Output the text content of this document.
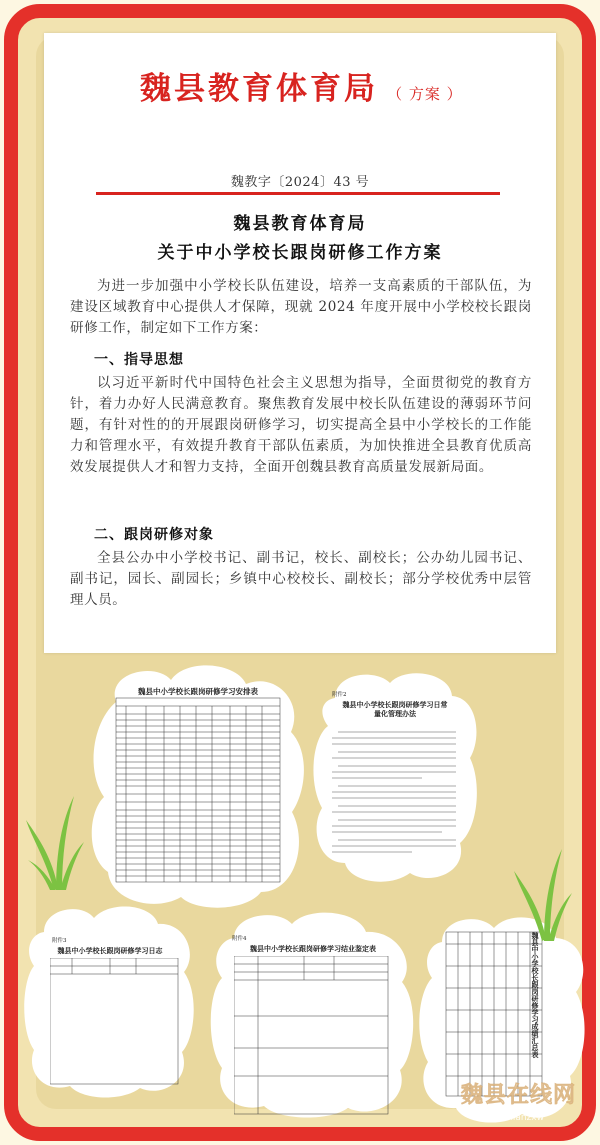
魏县教育体育局 （ 方案 ）
魏教字〔2024〕43 号
魏县教育体育局
关于中小学校长跟岗研修工作方案

为进一步加强中小学校长队伍建设，培养一支高素质的干部队伍，为建设区域教育中心提供人才保障，现就 2024 年度开展中小学校校长跟岗研修工作，制定如下工作方案：

一、指导思想

以习近平新时代中国特色社会主义思想为指导，全面贯彻党的教育方针，着力办好人民满意教育。聚焦教育发展中校长队伍建设的薄弱环节问题，有针对性的的开展跟岗研修学习，切实提高全县中小学校长的工作能力和管理水平，有效提升教育干部队伍素质，为加快推进全县教育优质高效发展提供人才和智力支持，全面开创魏县教育高质量发展新局面。

二、跟岗研修对象

全县公办中小学校书记、副书记，校长、副校长；公办幼儿园书记、副书记，园长、副园长；乡镇中心校校长、副校长；部分学校优秀中层管理人员。

魏县中小学校长跟岗研修学习安排表	附件2
魏县中小学校长跟岗研修学习日常量化管理办法
附件3
魏县中小学校长跟岗研修学习日志
附件4
魏县中小学校长跟岗研修学习结业鉴定表	魏县中小学校长跟岗研修学习成绩汇总表
魏县在线网
weixianzxw
